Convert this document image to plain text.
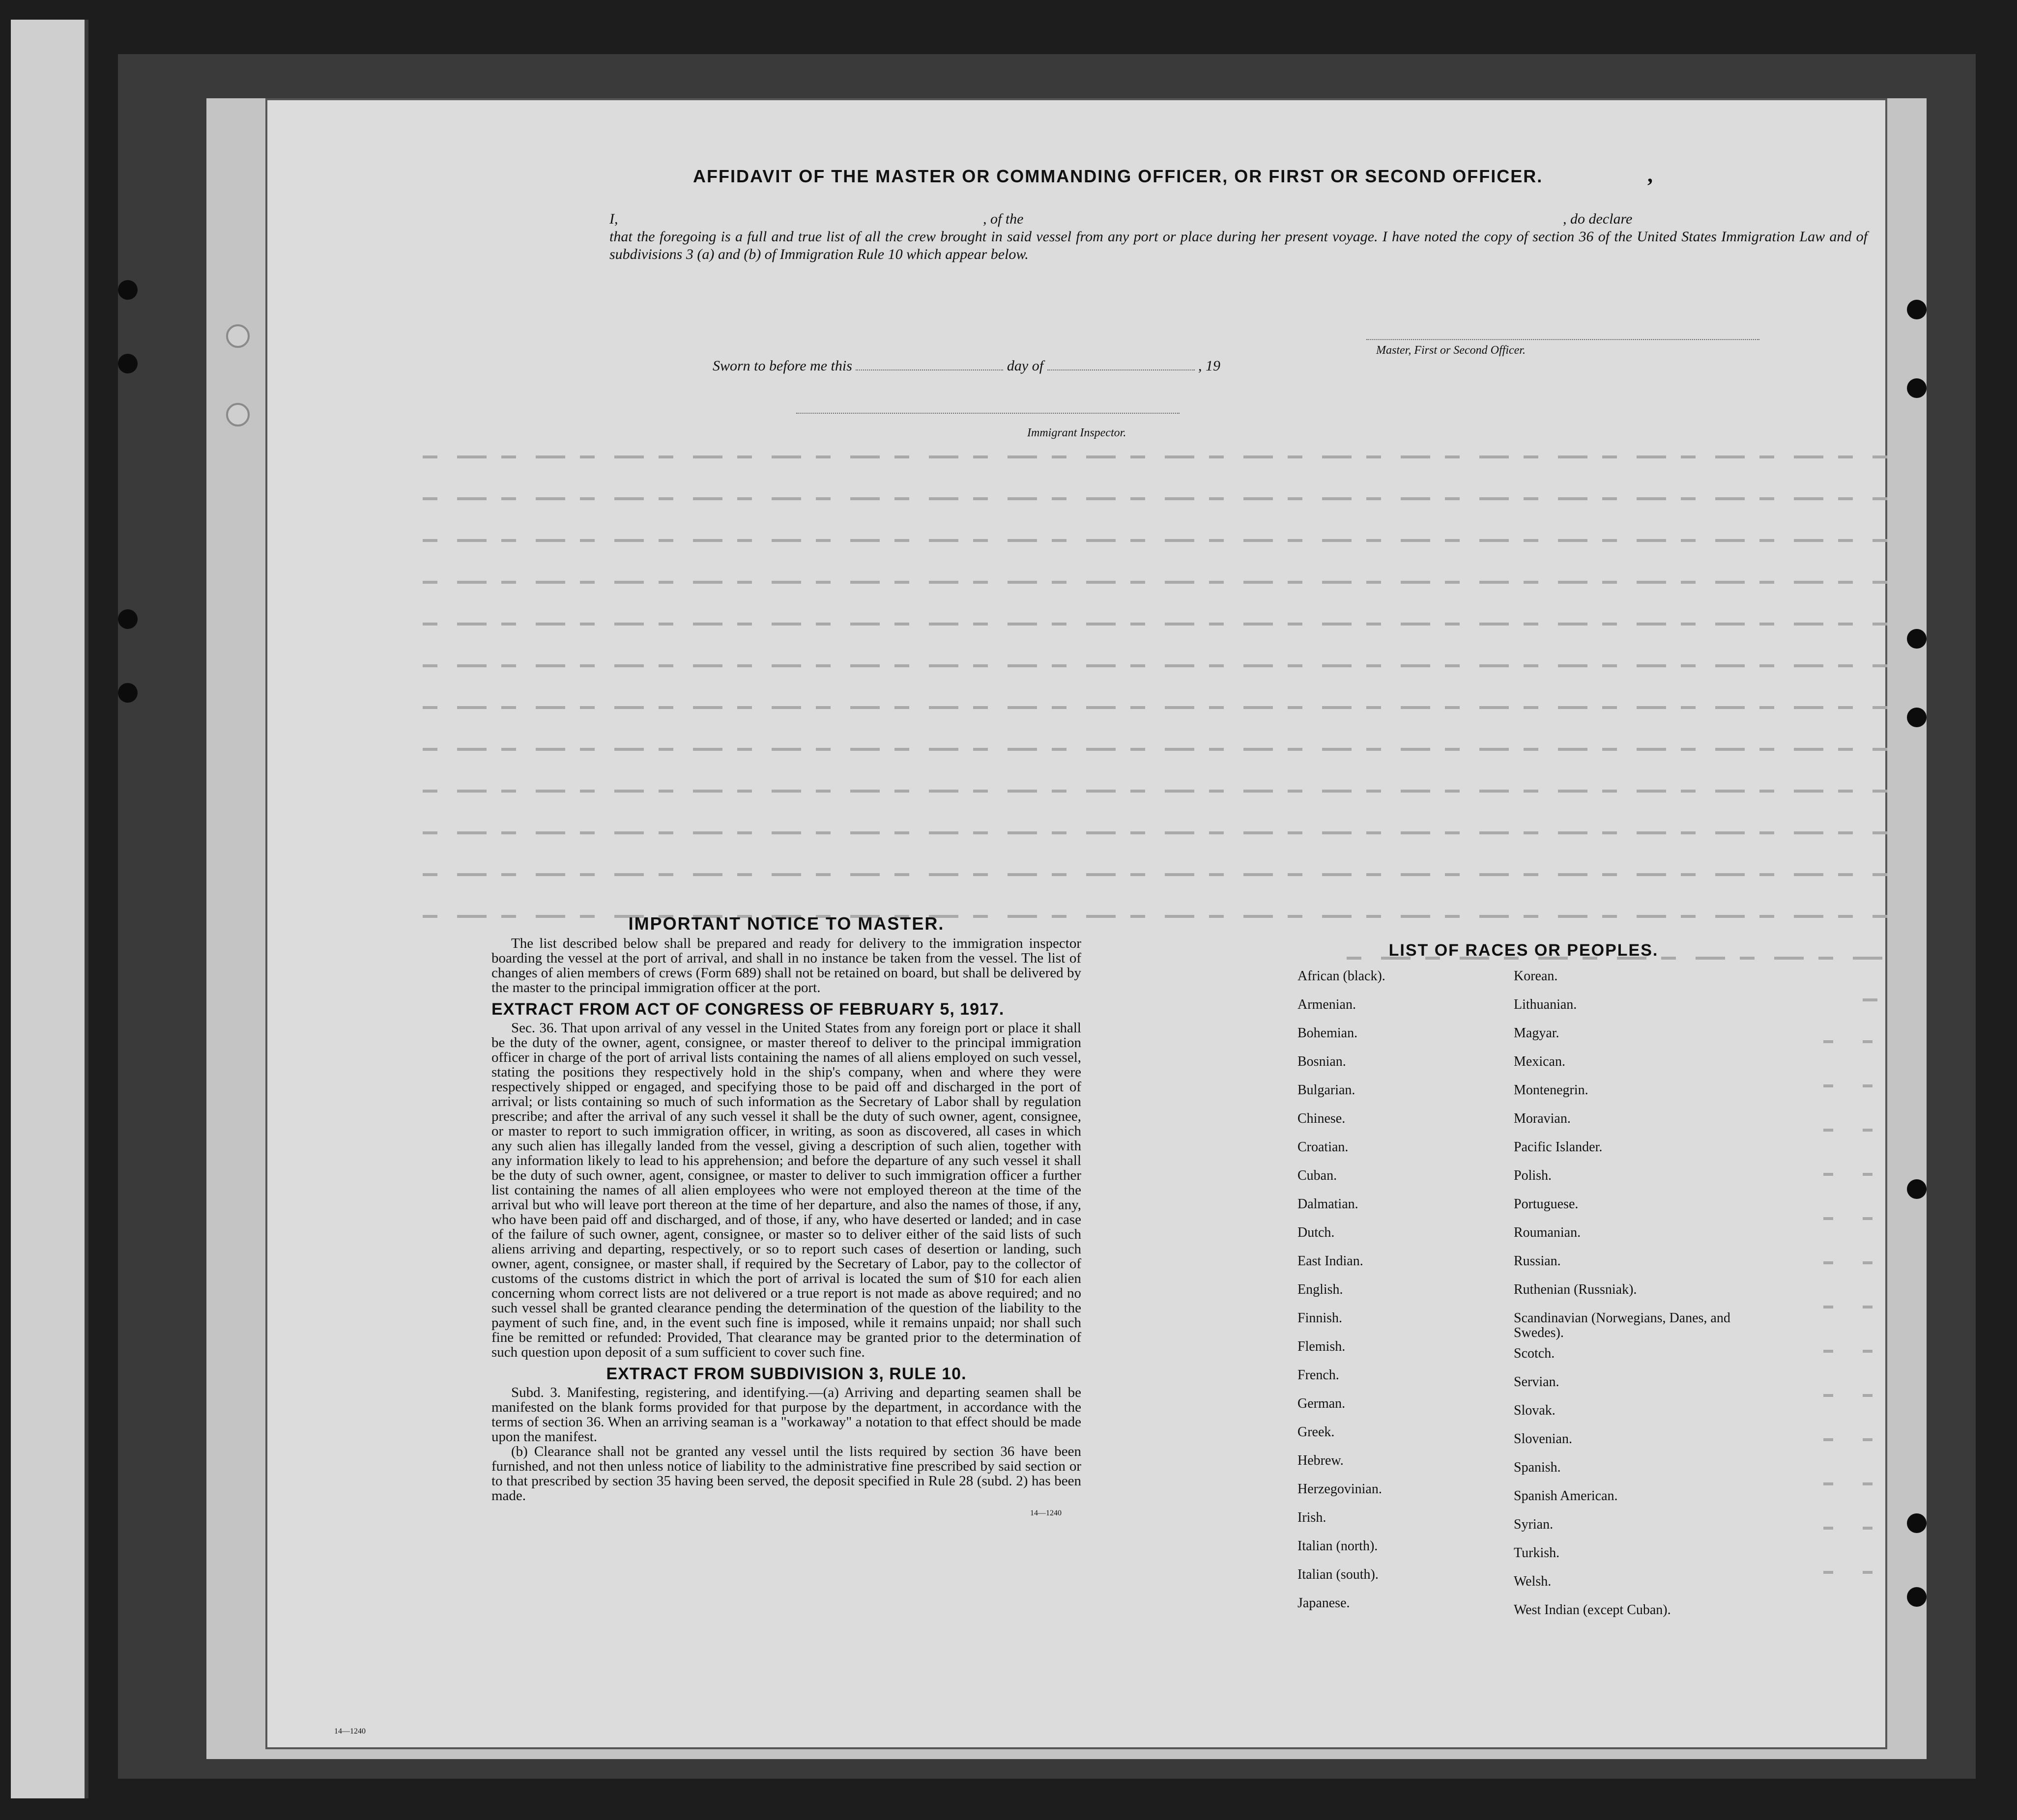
AFFIDAVIT OF THE MASTER OR COMMANDING OFFICER, OR FIRST OR SECOND OFFICER.
I,	, of the	, do declare
that the foregoing is a full and true list of all the crew brought in said vessel from any port or place during her present voyage. I have noted the copy of section 36 of the United States Immigration Law and of subdivisions 3 (a) and (b) of Immigration Rule 10 which appear below.
Master, First or Second Officer.
Sworn to before me this	day of	, 19
Immigrant Inspector.
‚
IMPORTANT NOTICE TO MASTER.

The list described below shall be prepared and ready for delivery to the immigration inspector boarding the vessel at the port of arrival, and shall in no instance be taken from the vessel. The list of changes of alien members of crews (Form 689) shall not be retained on board, but shall be delivered by the master to the principal immigration officer at the port.

EXTRACT FROM ACT OF CONGRESS OF FEBRUARY 5, 1917.

Sec. 36. That upon arrival of any vessel in the United States from any foreign port or place it shall be the duty of the owner, agent, consignee, or master thereof to deliver to the principal immigration officer in charge of the port of arrival lists containing the names of all aliens employed on such vessel, stating the positions they respectively hold in the ship's company, when and where they were respectively shipped or engaged, and specifying those to be paid off and discharged in the port of arrival; or lists containing so much of such information as the Secretary of Labor shall by regulation prescribe; and after the arrival of any such vessel it shall be the duty of such owner, agent, consignee, or master to report to such immigration officer, in writing, as soon as discovered, all cases in which any such alien has illegally landed from the vessel, giving a description of such alien, together with any information likely to lead to his apprehension; and before the departure of any such vessel it shall be the duty of such owner, agent, consignee, or master to deliver to such immigration officer a further list containing the names of all alien employees who were not employed thereon at the time of the arrival but who will leave port thereon at the time of her departure, and also the names of those, if any, who have been paid off and discharged, and of those, if any, who have deserted or landed; and in case of the failure of such owner, agent, consignee, or master so to deliver either of the said lists of such aliens arriving and departing, respectively, or so to report such cases of desertion or landing, such owner, agent, consignee, or master shall, if required by the Secretary of Labor, pay to the collector of customs of the customs district in which the port of arrival is located the sum of $10 for each alien concerning whom correct lists are not delivered or a true report is not made as above required; and no such vessel shall be granted clearance pending the determination of the question of the liability to the payment of such fine, and, in the event such fine is imposed, while it remains unpaid; nor shall such fine be remitted or refunded: Provided, That clearance may be granted prior to the determination of such question upon deposit of a sum sufficient to cover such fine.

EXTRACT FROM SUBDIVISION 3, RULE 10.

Subd. 3. Manifesting, registering, and identifying.—(a) Arriving and departing seamen shall be manifested on the blank forms provided for that purpose by the department, in accordance with the terms of section 36. When an arriving seaman is a "workaway" a notation to that effect should be made upon the manifest.

(b) Clearance shall not be granted any vessel until the lists required by section 36 have been furnished, and not then unless notice of liability to the administrative fine prescribed by said section or to that prescribed by section 35 having been served, the deposit specified in Rule 28 (subd. 2) has been made.

14—1240
LIST OF RACES OR PEOPLES.
African (black).
Armenian.
Bohemian.
Bosnian.
Bulgarian.
Chinese.
Croatian.
Cuban.
Dalmatian.
Dutch.
East Indian.
English.
Finnish.
Flemish.
French.
German.
Greek.
Hebrew.
Herzegovinian.
Irish.
Italian (north).
Italian (south).
Japanese.
Korean.
Lithuanian.
Magyar.
Mexican.
Montenegrin.
Moravian.
Pacific Islander.
Polish.
Portuguese.
Roumanian.
Russian.
Ruthenian (Russniak).
Scandinavian (Norwegians, Danes, and Swedes).
Scotch.
Servian.
Slovak.
Slovenian.
Spanish.
Spanish American.
Syrian.
Turkish.
Welsh.
West Indian (except Cuban).
14—1240
